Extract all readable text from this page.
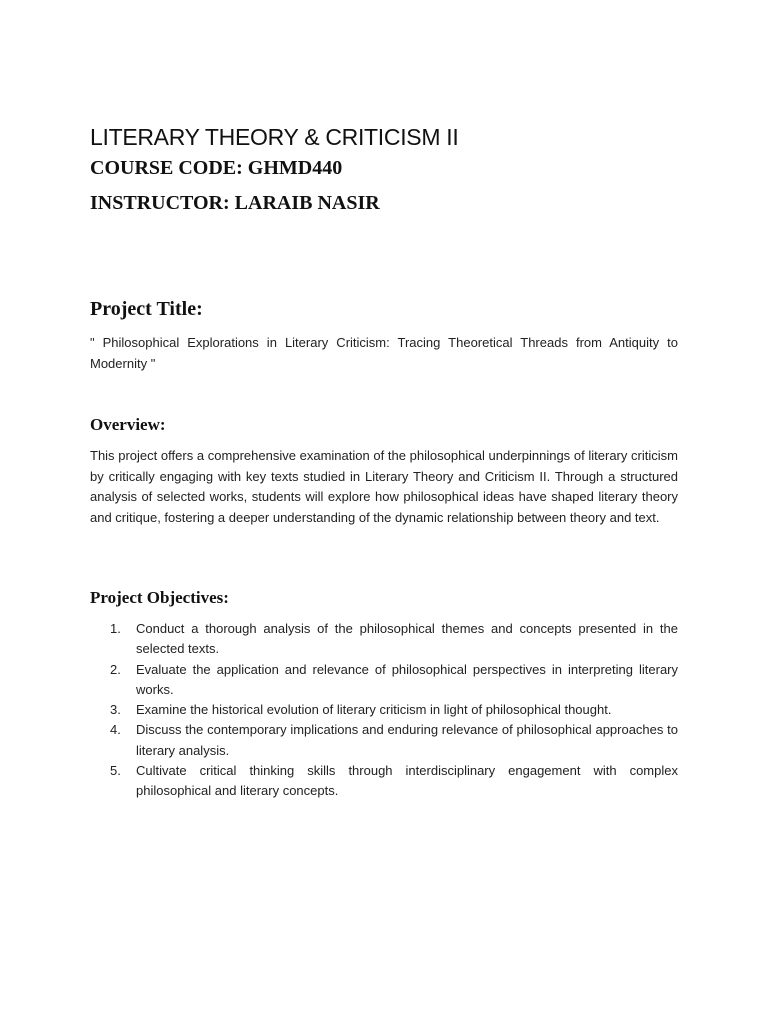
LITERARY THEORY & CRITICISM II

COURSE CODE: GHMD440

INSTRUCTOR: LARAIB NASIR

Project Title:

" Philosophical Explorations in Literary Criticism: Tracing Theoretical Threads from Antiquity to Modernity "

Overview:

This project offers a comprehensive examination of the philosophical underpinnings of literary criticism by critically engaging with key texts studied in Literary Theory and Criticism II. Through a structured analysis of selected works, students will explore how philosophical ideas have shaped literary theory and critique, fostering a deeper understanding of the dynamic relationship between theory and text.

Project Objectives:
1.	Conduct a thorough analysis of the philosophical themes and concepts presented in the selected texts.
2.	Evaluate the application and relevance of philosophical perspectives in interpreting literary works.
3.	Examine the historical evolution of literary criticism in light of philosophical thought.
4.	Discuss the contemporary implications and enduring relevance of philosophical approaches to literary analysis.
5.	Cultivate critical thinking skills through interdisciplinary engagement with complex philosophical and literary concepts.
